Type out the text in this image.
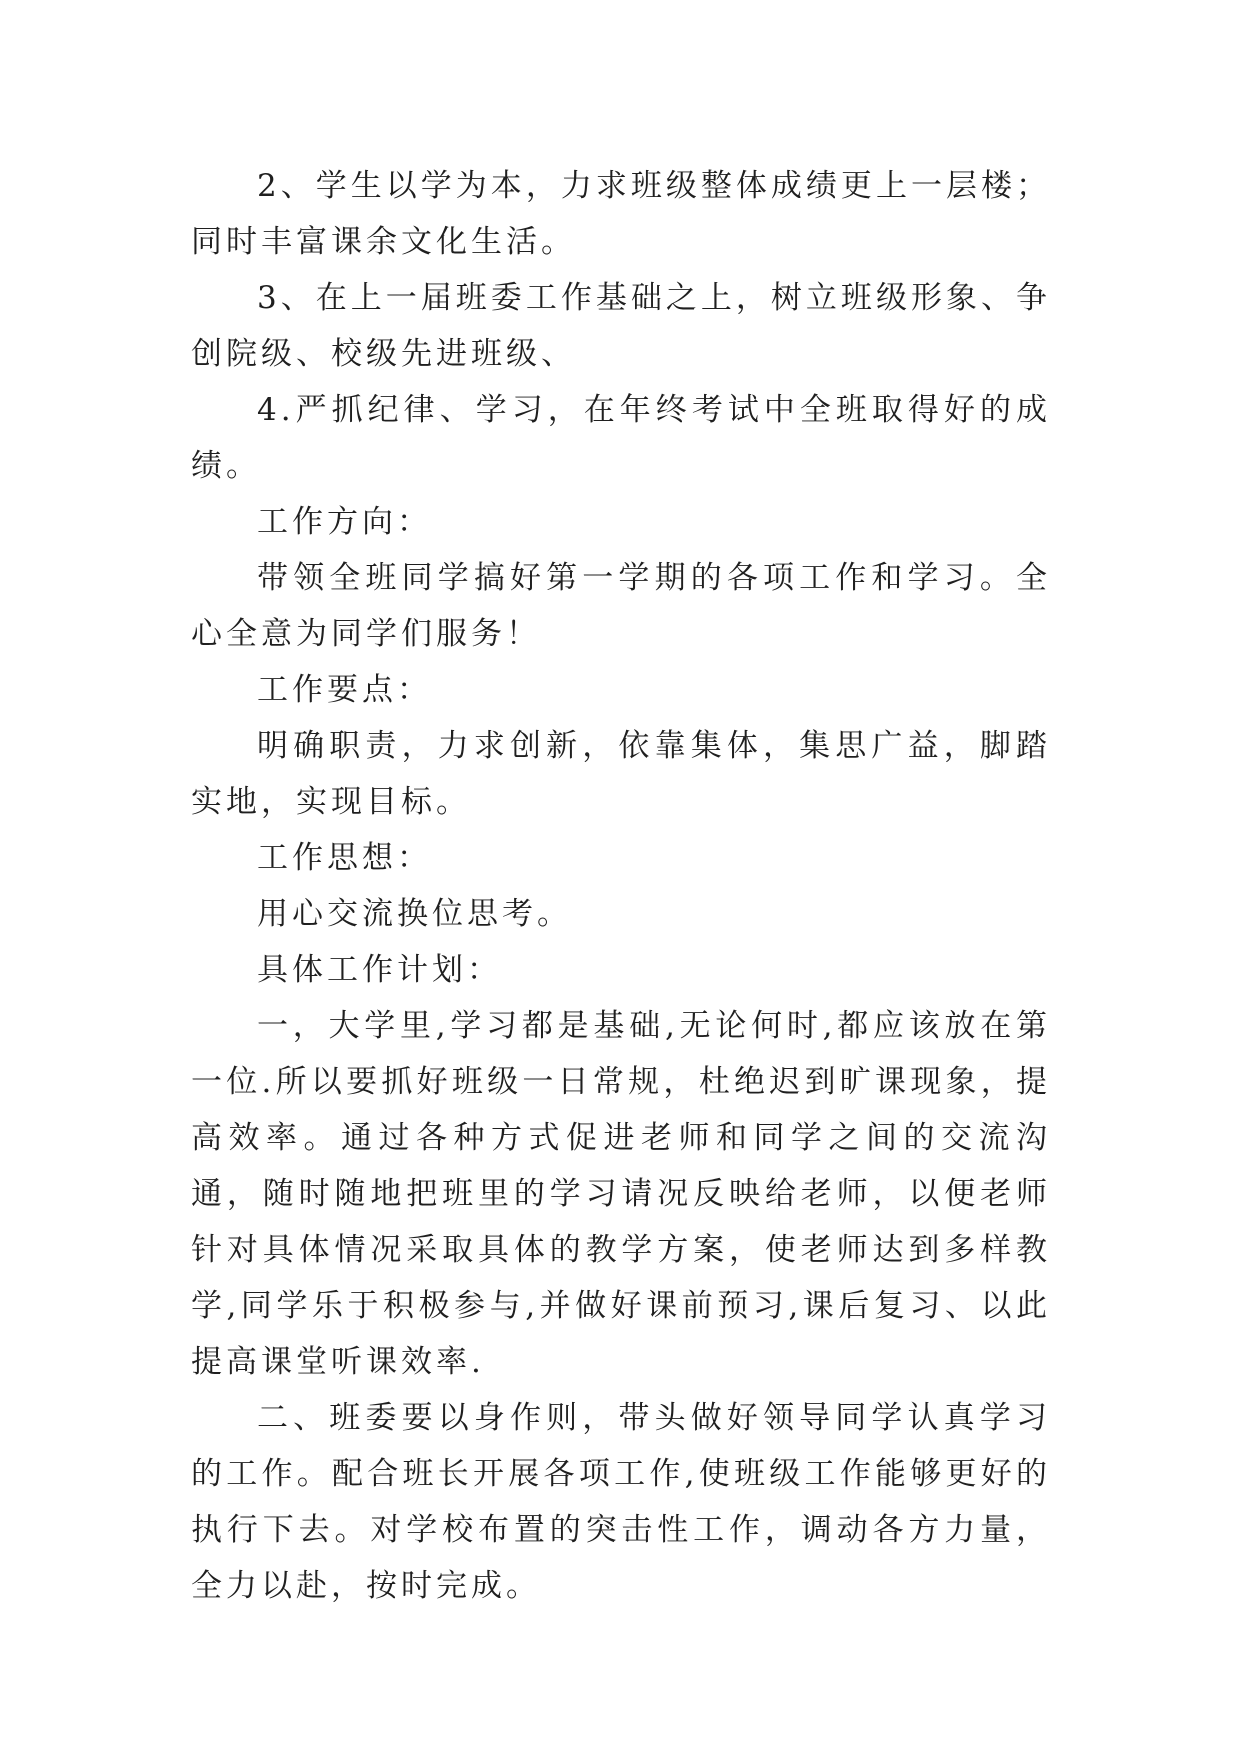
2、学生以学为本，力求班级整体成绩更上一层楼；同时丰富课余文化生活。

3、在上一届班委工作基础之上，树立班级形象、争创院级、校级先进班级、

4.严抓纪律、学习，在年终考试中全班取得好的成绩。

工作方向：

带领全班同学搞好第一学期的各项工作和学习。全心全意为同学们服务！

工作要点：

明确职责，力求创新，依靠集体，集思广益，脚踏实地，实现目标。

工作思想：

用心交流换位思考。

具体工作计划：

一，大学里,学习都是基础,无论何时,都应该放在第一位.所以要抓好班级一日常规，杜绝迟到旷课现象，提高效率。通过各种方式促进老师和同学之间的交流沟通，随时随地把班里的学习请况反映给老师，以便老师针对具体情况采取具体的教学方案，使老师达到多样教学,同学乐于积极参与,并做好课前预习,课后复习、以此提高课堂听课效率.

二、班委要以身作则，带头做好领导同学认真学习的工作。配合班长开展各项工作,使班级工作能够更好的执行下去。对学校布置的突击性工作，调动各方力量，全力以赴，按时完成。
